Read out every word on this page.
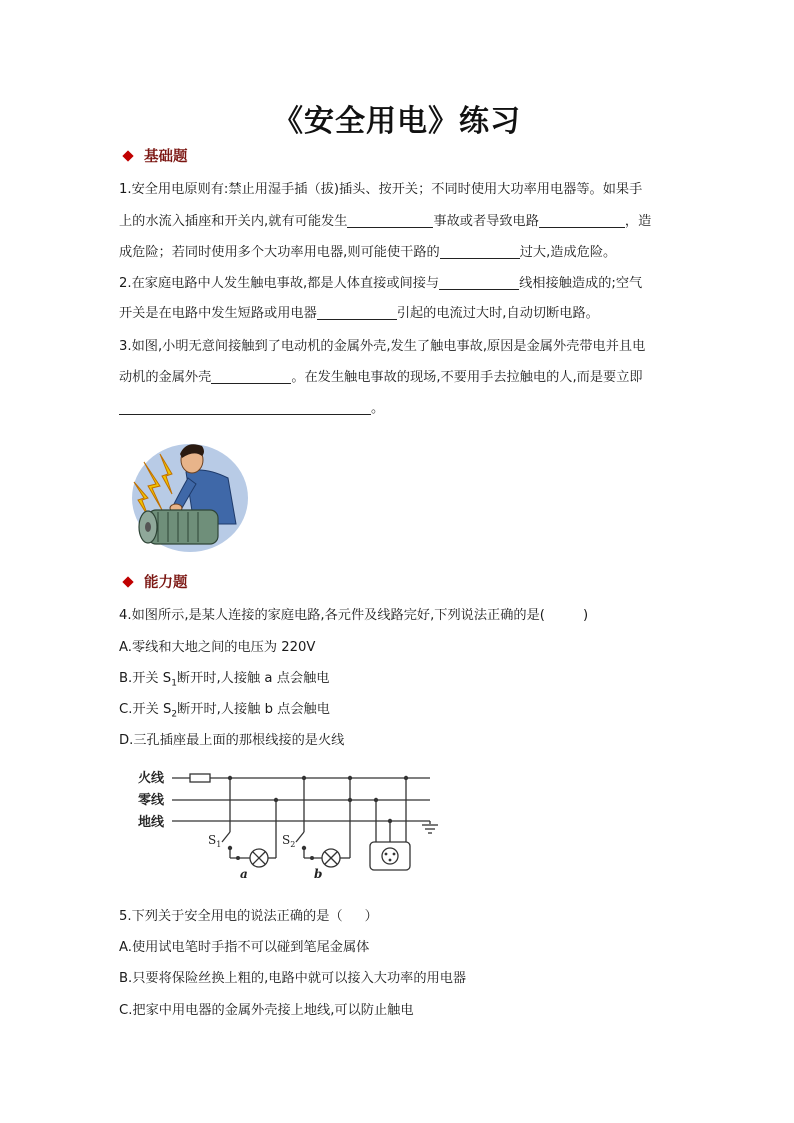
《安全用电》练习
基础题
1.安全用电原则有:禁止用湿手插（拔)插头、按开关；不同时使用大功率用电器等。如果手
上的水流入插座和开关内,就有可能发生	事故或者导致电路	，造
成危险；若同时使用多个大功率用电器,则可能使干路的	过大,造成危险。
2.在家庭电路中人发生触电事故,都是人体直接或间接与	线相接触造成的;空气
开关是在电路中发生短路或用电器	引起的电流过大时,自动切断电路。
3.如图,小明无意间接触到了电动机的金属外壳,发生了触电事故,原因是金属外壳带电并且电
动机的金属外壳	。在发生触电事故的现场,不要用手去拉触电的人,而是要立即
。
能力题
4.如图所示,是某人连接的家庭电路,各元件及线路完好,下列说法正确的是(	)
A.零线和大地之间的电压为 220V
B.开关 $S_1$断开时,人接触 a 点会触电
C.开关 $S_2$断开时,人接触 b 点会触电
D.三孔插座最上面的那根线接的是火线
火线
零线
地线
$S_1$	$S_2$
a	b
5.下列关于安全用电的说法正确的是（ ）
A.使用试电笔时手指不可以碰到笔尾金属体
B.只要将保险丝换上粗的,电路中就可以接入大功率的用电器
C.把家中用电器的金属外壳接上地线,可以防止触电
